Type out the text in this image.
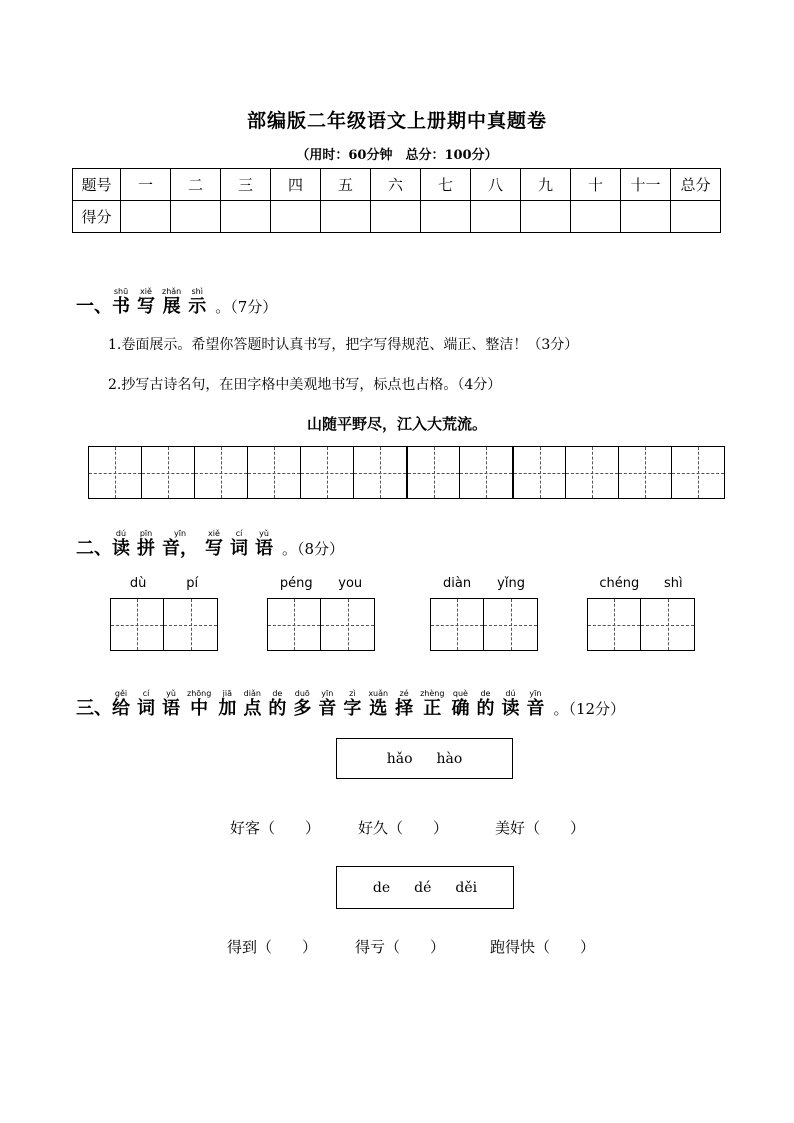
部编版二年级语文上册期中真题卷
（用时：60分钟　总分：100分）
题号	一	二	三	四	五	六	七	八	九	十	十一	总分
得分												
一、
shū
书
xiě
写
zhǎn
展
shì
示 。（7分）
1.卷面展示。希望你答题时认真书写，把字写得规范、端正、整洁！（3分）
2.抄写古诗名句，在田字格中美观地书写，标点也占格。（4分）
山随平野尽，江入大荒流。
二、
dú
读
pīn
拼
yīn
音，
xiě
写
cí
词
yǔ
语 。（8分）
dù	pí	péng you	diàn yǐng	chéng shì
三、
gěi
给
cí
词
yǔ
语
zhōng
中
jiā
加
diǎn
点
de
的
duō
多
yīn
音
zì
字
xuǎn
选
zé
择
zhèng
正
què
确
de
的
dú
读
yīn
音 。（12分）
hǎo hào
好客（　　）	好久（　　）	美好（　　）
de dé děi
得到（　　）	得亏（　　）	跑得快（　　）
